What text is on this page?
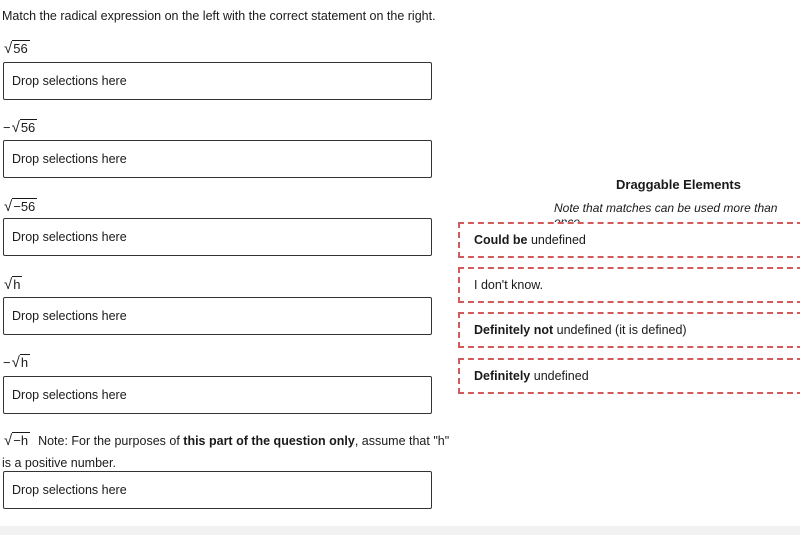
Match the radical expression on the left with the correct statement on the right.
√ 56
Drop selections here
− √ 56
Drop selections here
√ −56
Drop selections here
√ h
Drop selections here
− √ h
Drop selections here
√ −h Note: For the purposes of this part of the question only, assume that "h"
is a positive number.
Drop selections here
Draggable Elements
Note that matches can be used more than
Could be undefined
I don't know.
Definitely not undefined (it is defined)
Definitely undefined
